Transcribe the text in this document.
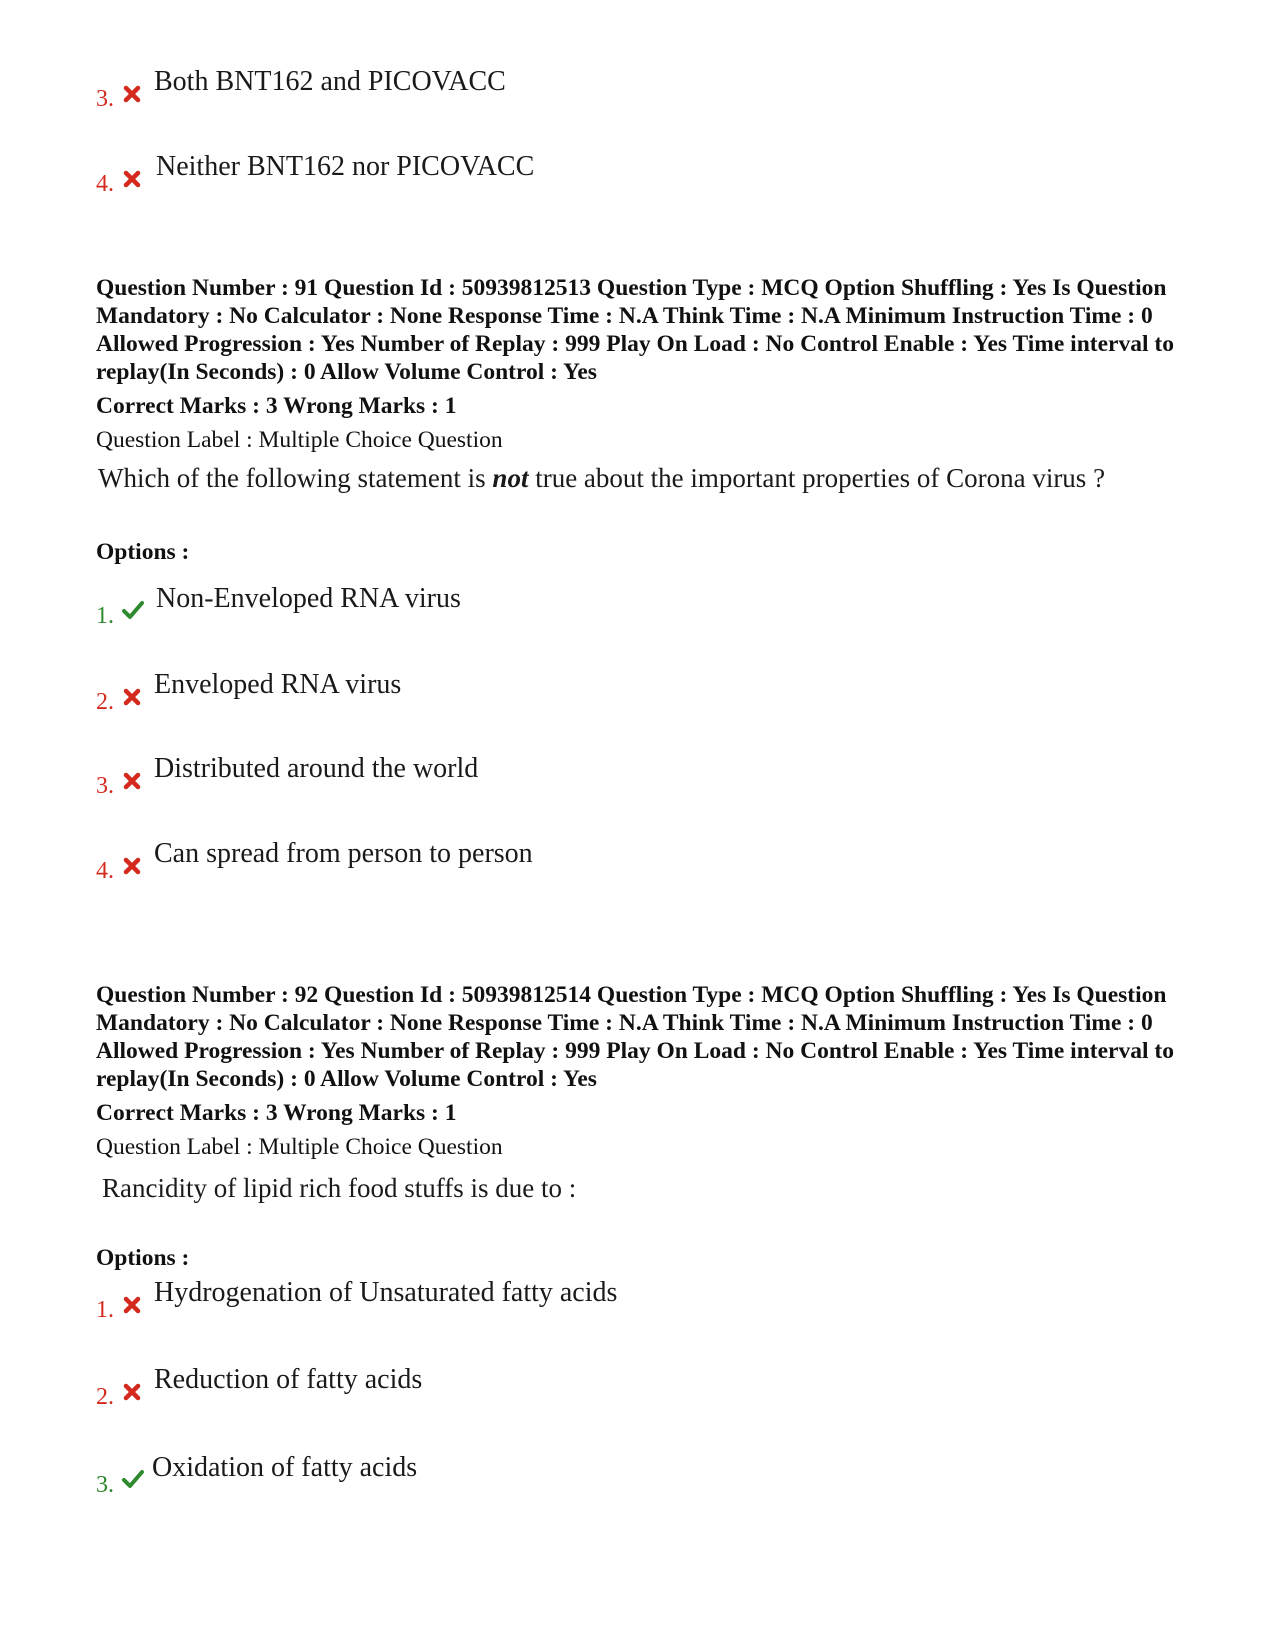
3.
Both BNT162 and PICOVACC
4.
Neither BNT162 nor PICOVACC
Question Number : 91 Question Id : 50939812513 Question Type : MCQ Option Shuffling : Yes Is Question Mandatory : No Calculator : None Response Time : N.A Think Time : N.A Minimum Instruction Time : 0 Allowed Progression : Yes Number of Replay : 999 Play On Load : No Control Enable : Yes Time interval to replay(In Seconds) : 0 Allow Volume Control : Yes
Correct Marks : 3 Wrong Marks : 1
Question Label : Multiple Choice Question
Which of the following statement is not true about the important properties of Corona virus ?
Options :
1.
Non-Enveloped RNA virus
2.
Enveloped RNA virus
3.
Distributed around the world
4.
Can spread from person to person
Question Number : 92 Question Id : 50939812514 Question Type : MCQ Option Shuffling : Yes Is Question Mandatory : No Calculator : None Response Time : N.A Think Time : N.A Minimum Instruction Time : 0 Allowed Progression : Yes Number of Replay : 999 Play On Load : No Control Enable : Yes Time interval to replay(In Seconds) : 0 Allow Volume Control : Yes
Correct Marks : 3 Wrong Marks : 1
Question Label : Multiple Choice Question
Rancidity of lipid rich food stuffs is due to :
Options :
1.
Hydrogenation of Unsaturated fatty acids
2.
Reduction of fatty acids
3.
Oxidation of fatty acids
